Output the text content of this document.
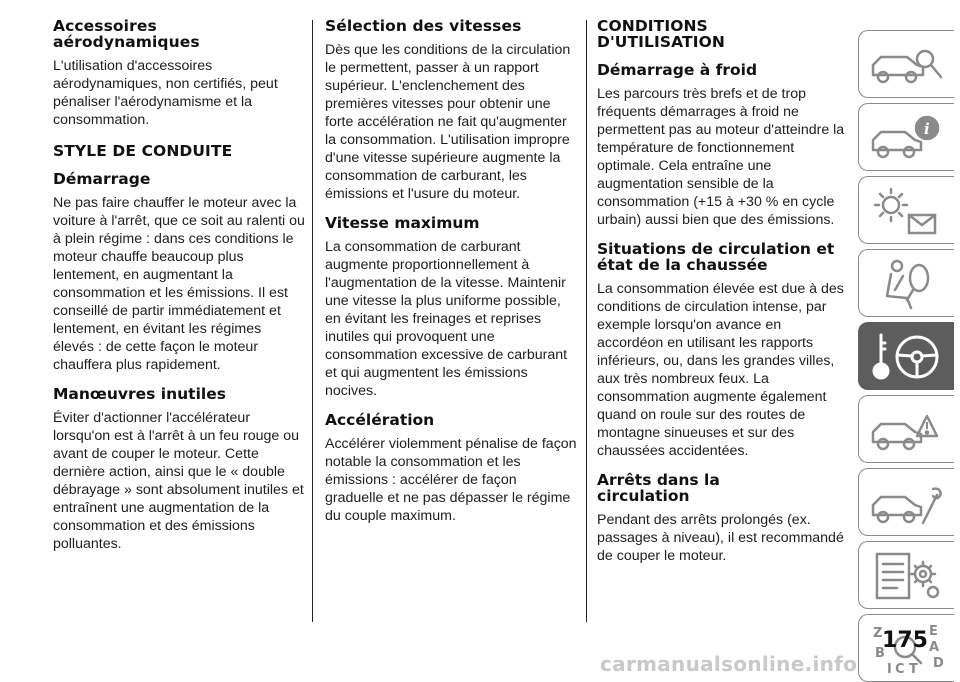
Accessoires aérodynamiques

L'utilisation d'accessoires aérodynamiques, non certifiés, peut pénaliser l'aérodynamisme et la consommation.

STYLE DE CONDUITE
Démarrage

Ne pas faire chauffer le moteur avec la voiture à l'arrêt, que ce soit au ralenti ou à plein régime : dans ces conditions le moteur chauffe beaucoup plus lentement, en augmentant la consommation et les émissions. Il est conseillé de partir immédiatement et lentement, en évitant les régimes élevés : de cette façon le moteur chauffera plus rapidement.

Manœuvres inutiles

Éviter d'actionner l'accélérateur lorsqu'on est à l'arrêt à un feu rouge ou avant de couper le moteur. Cette dernière action, ainsi que le « double débrayage » sont absolument inutiles et entraînent une augmentation de la consommation et des émissions polluantes.

Sélection des vitesses

Dès que les conditions de la circulation le permettent, passer à un rapport supérieur. L'enclenchement des premières vitesses pour obtenir une forte accélération ne fait qu'augmenter la consommation. L'utilisation impropre d'une vitesse supérieure augmente la consommation de carburant, les émissions et l'usure du moteur.

Vitesse maximum

La consommation de carburant augmente proportionnellement à l'augmentation de la vitesse. Maintenir une vitesse la plus uniforme possible, en évitant les freinages et reprises inutiles qui provoquent une consommation excessive de carburant et qui augmentent les émissions nocives.

Accélération

Accélérer violemment pénalise de façon notable la consommation et les émissions : accélérer de façon graduelle et ne pas dépasser le régime du couple maximum.

CONDITIONS D'UTILISATION
Démarrage à froid

Les parcours très brefs et de trop fréquents démarrages à froid ne permettent pas au moteur d'atteindre la température de fonctionnement optimale. Cela entraîne une augmentation sensible de la consommation (+15 à +30 % en cycle urbain) aussi bien que des émissions.

Situations de circulation et état de la chaussée

La consommation élevée est due à des conditions de circulation intense, par exemple lorsqu'on avance en accordéon en utilisant les rapports inférieurs, ou, dans les grandes villes, aux très nombreux feux. La consommation augmente également quand on roule sur des routes de montagne sinueuses et sur des chaussées accidentées.

Arrêts dans la circulation

Pendant des arrêts prolongés (ex. passages à niveau), il est recommandé de couper le moteur.

i
Z	E
A
B
D
I C T
175
carmanualsonline.info
